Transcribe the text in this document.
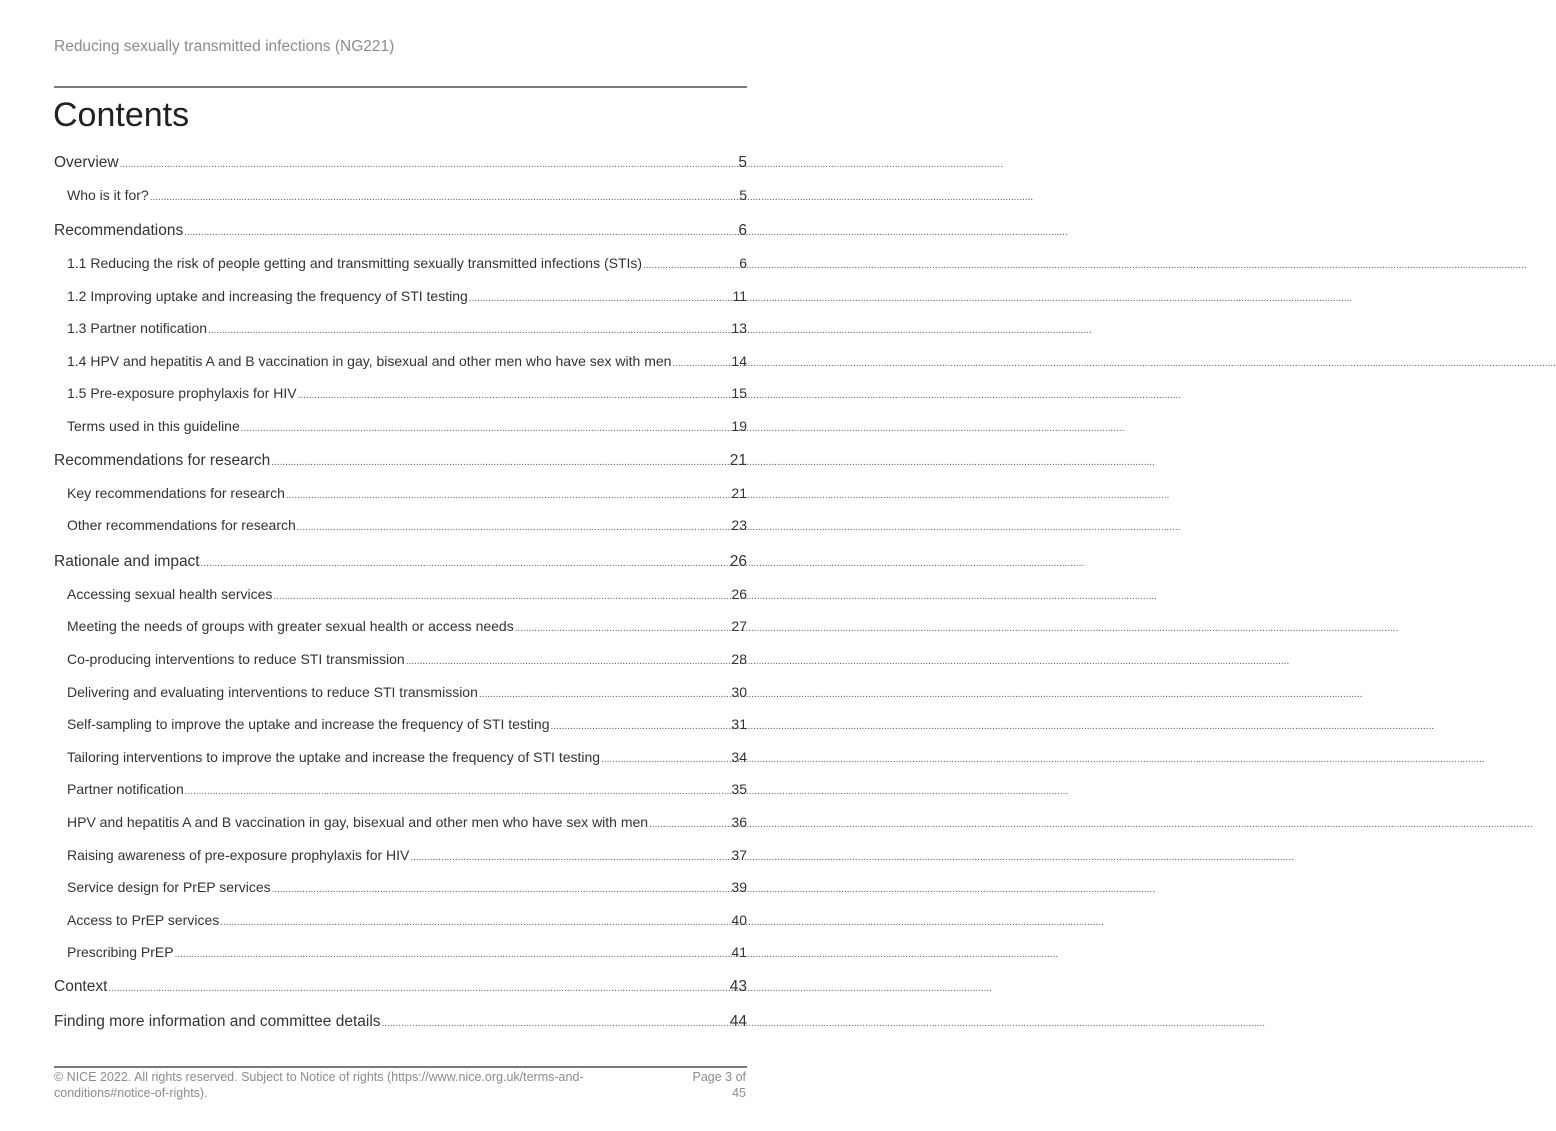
Reducing sexually transmitted infections (NG221)
Contents
Overview .....	5
Who is it for? .....	5
Recommendations .....	6
1.1 Reducing the risk of people getting and transmitting sexually transmitted infections (STIs) .....	6
1.2 Improving uptake and increasing the frequency of STI testing .....	11
1.3 Partner notification .....	13
1.4 HPV and hepatitis A and B vaccination in gay, bisexual and other men who have sex with men .....	14
1.5 Pre-exposure prophylaxis for HIV .....	15
Terms used in this guideline .....	19
Recommendations for research .....	21
Key recommendations for research .....	21
Other recommendations for research .....	23
Rationale and impact .....	26
Accessing sexual health services .....	26
Meeting the needs of groups with greater sexual health or access needs .....	27
Co-producing interventions to reduce STI transmission .....	28
Delivering and evaluating interventions to reduce STI transmission .....	30
Self-sampling to improve the uptake and increase the frequency of STI testing .....	31
Tailoring interventions to improve the uptake and increase the frequency of STI testing .....	34
Partner notification .....	35
HPV and hepatitis A and B vaccination in gay, bisexual and other men who have sex with men .....	36
Raising awareness of pre-exposure prophylaxis for HIV .....	37
Service design for PrEP services .....	39
Access to PrEP services .....	40
Prescribing PrEP .....	41
Context .....	43
Finding more information and committee details .....	44
© NICE 2022. All rights reserved. Subject to Notice of rights (https://www.nice.org.uk/terms-and-conditions#notice-of-rights).
Page 3 of 45
